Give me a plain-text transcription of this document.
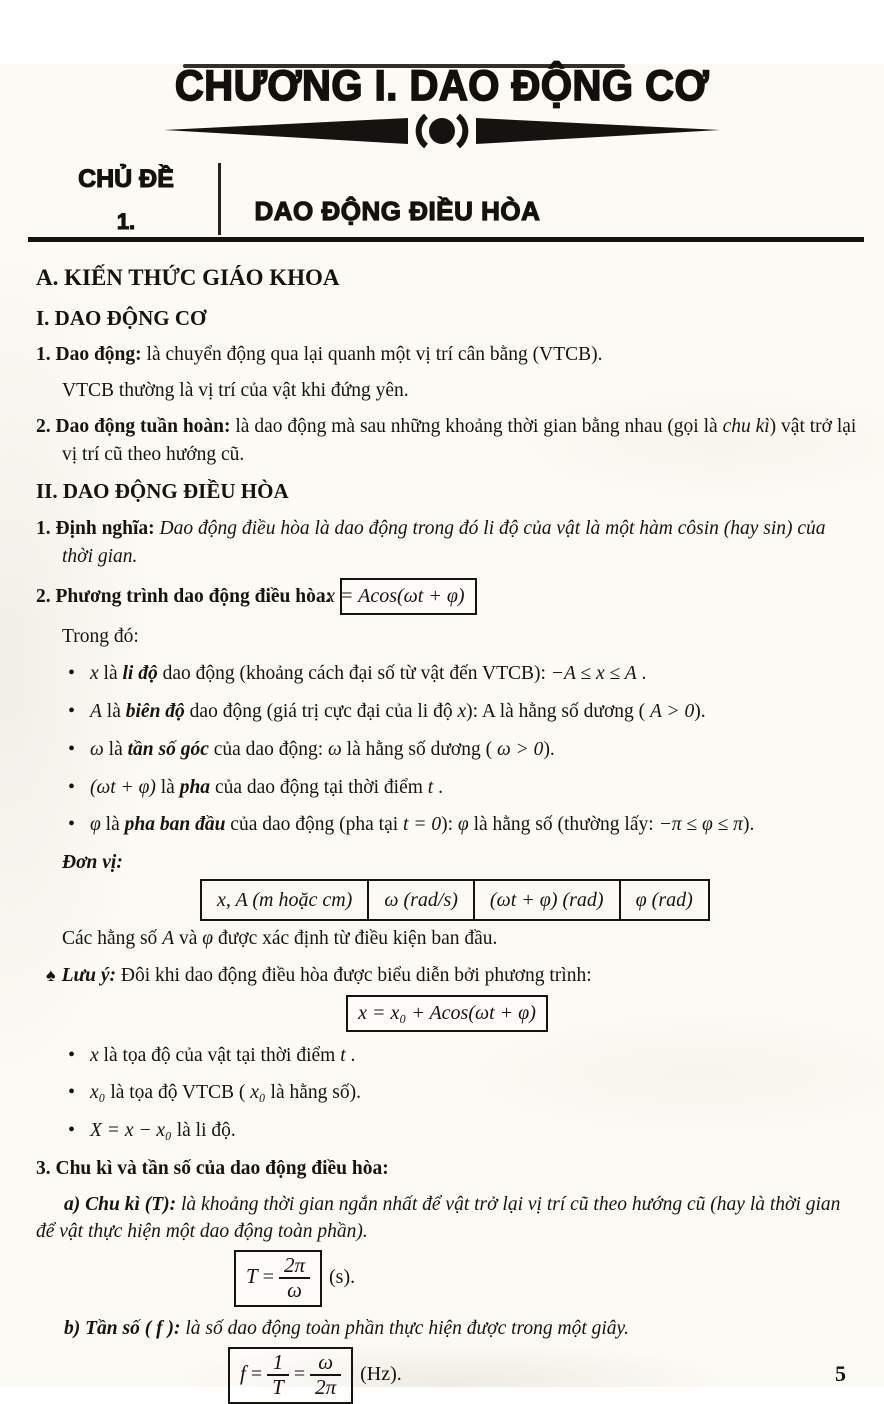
CHƯƠNG I. DAO ĐỘNG CƠ
CHỦ ĐỀ
1.	DAO ĐỘNG ĐIỀU HÒA
A. KIẾN THỨC GIÁO KHOA
I. DAO ĐỘNG CƠ

1. Dao động: là chuyển động qua lại quanh một vị trí cân bằng (VTCB).

VTCB thường là vị trí của vật khi đứng yên.

2. Dao động tuần hoàn: là dao động mà sau những khoảng thời gian bằng nhau (gọi là chu kì) vật trở lại vị trí cũ theo hướng cũ.

II. DAO ĐỘNG ĐIỀU HÒA

1. Định nghĩa: Dao động điều hòa là dao động trong đó li độ của vật là một hàm côsin (hay sin) của thời gian.

2. Phương trình dao động điều hòa:x = Acos(ωt + φ)

Trong đó:

• x là li độ dao động (khoảng cách đại số từ vật đến VTCB): −A ≤ x ≤ A .
• A là biên độ dao động (giá trị cực đại của li độ x): A là hằng số dương ( A > 0).
• ω là tần số góc của dao động: ω là hằng số dương ( ω > 0).
• (ωt + φ) là pha của dao động tại thời điểm t .
• φ là pha ban đầu của dao động (pha tại t = 0): φ là hằng số (thường lấy: −π ≤ φ ≤ π).

Đơn vị:

x, A (m hoặc cm)	ω (rad/s)	(ωt + φ) (rad)	φ (rad)

Các hằng số A và φ được xác định từ điều kiện ban đầu.

♠ Lưu ý: Đôi khi dao động điều hòa được biểu diễn bởi phương trình:

x = x₀ + Acos(ωt + φ)
• x là tọa độ của vật tại thời điểm t .
• x₀ là tọa độ VTCB ( x₀ là hằng số).
• X = x − x₀ là li độ.

3. Chu kì và tần số của dao động điều hòa:

a) Chu kì (T): là khoảng thời gian ngắn nhất để vật trở lại vị trí cũ theo hướng cũ (hay là thời gian để vật thực hiện một dao động toàn phần).

$T = \frac{2\pi}{\omega} (s)$.

b) Tần số ( f ): là số dao động toàn phần thực hiện được trong một giây.

$f = \frac{1}{T} = \frac{\omega}{2\pi} (Hz)$.	5
